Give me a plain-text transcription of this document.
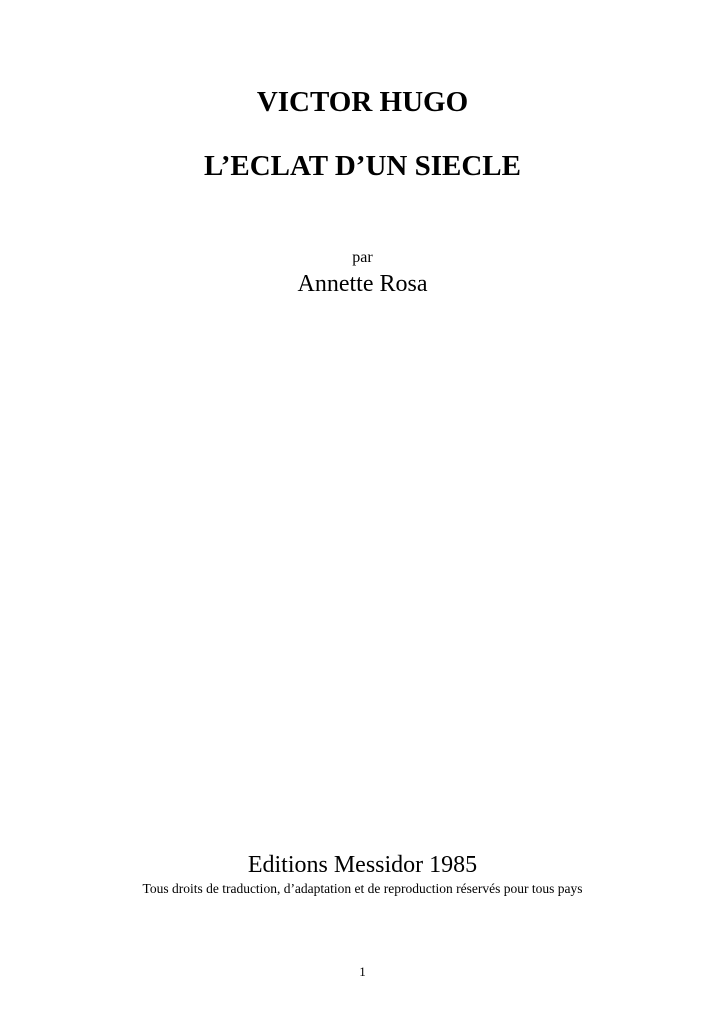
VICTOR HUGO
L’ECLAT D’UN SIECLE
par
Annette Rosa
Editions Messidor 1985
Tous droits de traduction, d’adaptation et de reproduction réservés pour tous pays
1
